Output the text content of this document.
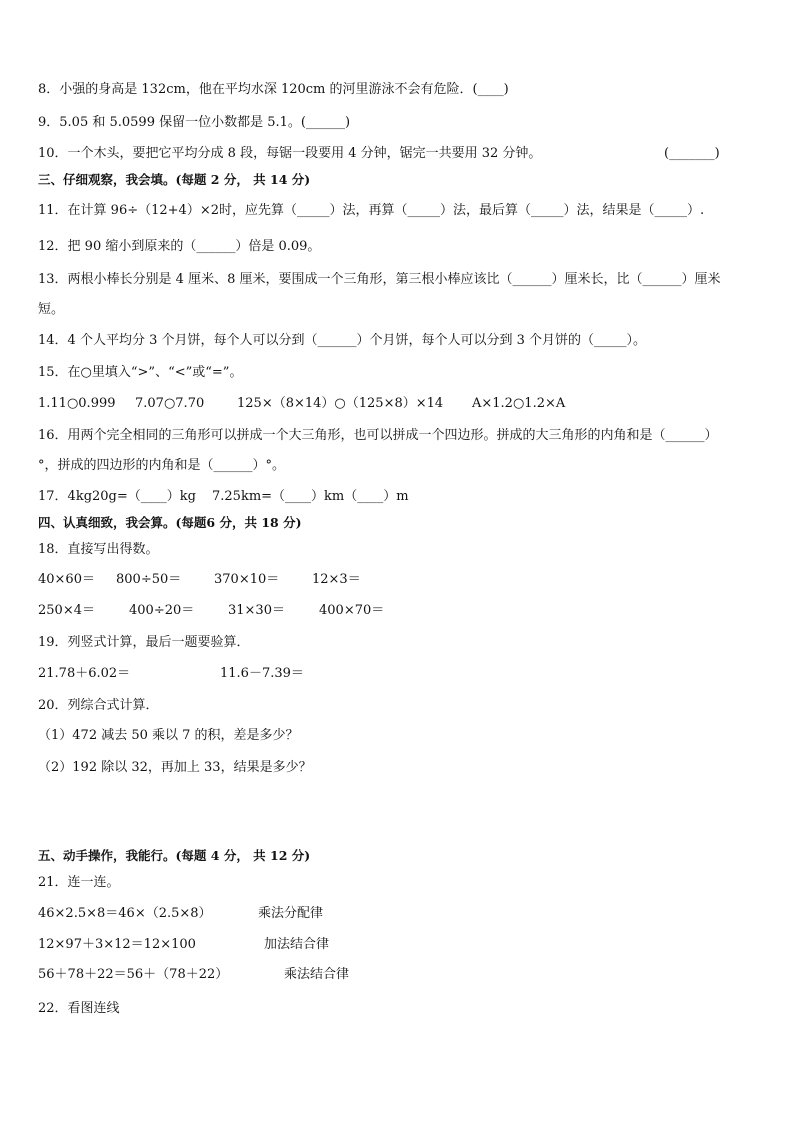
8．小强的身高是 132cm，他在平均水深 120cm 的河里游泳不会有危险．(____)
9．5.05 和 5.0599 保留一位小数都是 5.1。(______)
10．一个木头，要把它平均分成 8 段，每锯一段要用 4 分钟，锯完一共要用 32 分钟。	(_______)
三、仔细观察，我会填。(每题 2 分， 共 14 分)
11．在计算 96÷（12+4）×2时，应先算（_____）法，再算（_____）法，最后算（_____）法，结果是（_____）.
12．把 90 缩小到原来的（______）倍是 0.09。
13．两根小棒长分别是 4 厘米、8 厘米，要围成一个三角形，第三根小棒应该比（______）厘米长，比（______）厘米
短。
14．4 个人平均分 3 个月饼，每个人可以分到（______）个月饼，每个人可以分到 3 个月饼的（_____）。
15．在○里填入“>”、“<”或“=”。
1.11○0.999 7.07○7.70	125×（8×14）○（125×8）×14 A×1.2○1.2×A
16．用两个完全相同的三角形可以拼成一个大三角形，也可以拼成一个四边形。拼成的大三角形的内角和是（______）
°，拼成的四边形的内角和是（______）°。
17．4kg20g=（____）kg 7.25km=（____）km（____）m
四、认真细致，我会算。(每题6 分，共 18 分)
18．直接写出得数。
40×60＝ 800÷50＝	370×10＝	12×3＝
250×4＝	400÷20＝	31×30＝	400×70＝
19．列竖式计算，最后一题要验算．
21.78＋6.02＝	11.6－7.39＝
20．列综合式计算．
（1）472 减去 50 乘以 7 的积，差是多少？
（2）192 除以 32，再加上 33，结果是多少？
五、动手操作，我能行。(每题 4 分， 共 12 分)
21．连一连。
46×2.5×8＝46×（2.5×8）	乘法分配律
12×97＋3×12＝12×100	加法结合律
56＋78＋22＝56＋（78＋22）	乘法结合律
22．看图连线
